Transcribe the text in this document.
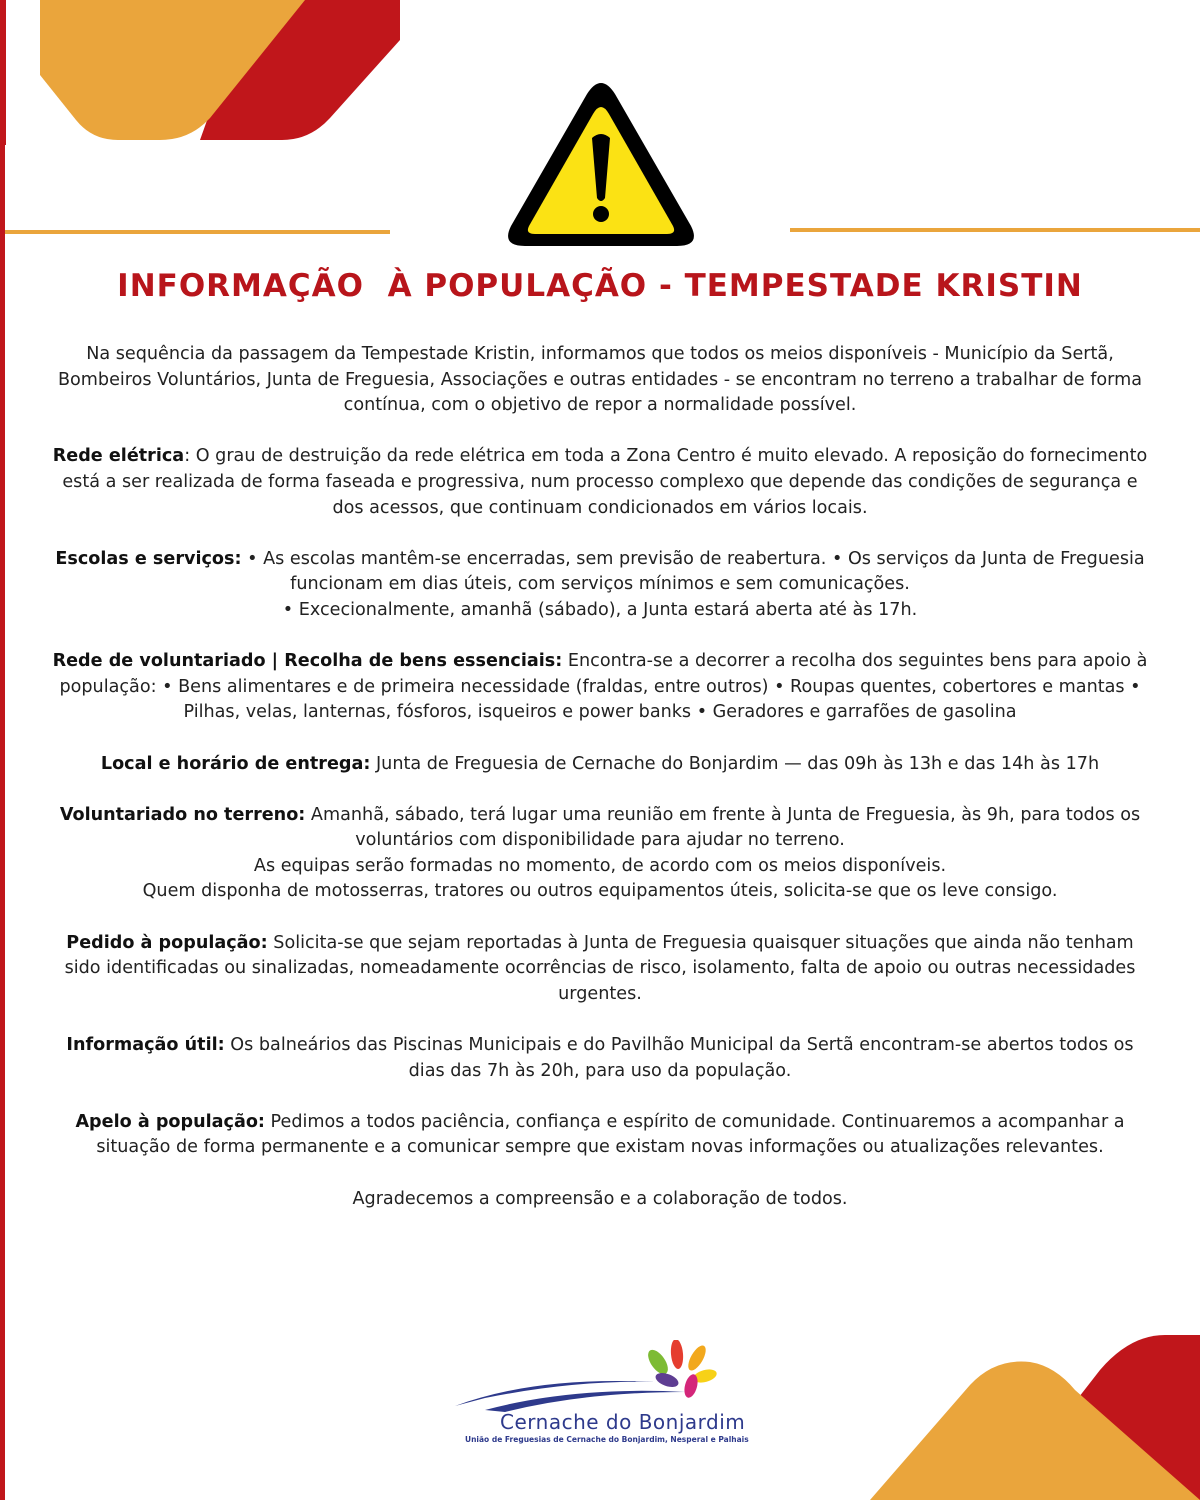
INFORMAÇÃO  À POPULAÇÃO - TEMPESTADE KRISTIN

Na sequência da passagem da Tempestade Kristin, informamos que todos os meios disponíveis - Município da Sertã, Bombeiros Voluntários, Junta de Freguesia, Associações e outras entidades - se encontram no terreno a trabalhar de forma contínua, com o objetivo de repor a normalidade possível.

Rede elétrica: O grau de destruição da rede elétrica em toda a Zona Centro é muito elevado. A reposição do fornecimento está a ser realizada de forma faseada e progressiva, num processo complexo que depende das condições de segurança e dos acessos, que continuam condicionados em vários locais.

Escolas e serviços: • As escolas mantêm-se encerradas, sem previsão de reabertura. • Os serviços da Junta de Freguesia funcionam em dias úteis, com serviços mínimos e sem comunicações.
• Excecionalmente, amanhã (sábado), a Junta estará aberta até às 17h.

Rede de voluntariado | Recolha de bens essenciais: Encontra-se a decorrer a recolha dos seguintes bens para apoio à população: • Bens alimentares e de primeira necessidade (fraldas, entre outros) • Roupas quentes, cobertores e mantas • Pilhas, velas, lanternas, fósforos, isqueiros e power banks • Geradores e garrafões de gasolina

Local e horário de entrega: Junta de Freguesia de Cernache do Bonjardim — das 09h às 13h e das 14h às 17h

Voluntariado no terreno: Amanhã, sábado, terá lugar uma reunião em frente à Junta de Freguesia, às 9h, para todos os voluntários com disponibilidade para ajudar no terreno.
As equipas serão formadas no momento, de acordo com os meios disponíveis.
Quem disponha de motosserras, tratores ou outros equipamentos úteis, solicita-se que os leve consigo.

Pedido à população: Solicita-se que sejam reportadas à Junta de Freguesia quaisquer situações que ainda não tenham sido identificadas ou sinalizadas, nomeadamente ocorrências de risco, isolamento, falta de apoio ou outras necessidades urgentes.

Informação útil: Os balneários das Piscinas Municipais e do Pavilhão Municipal da Sertã encontram-se abertos todos os dias das 7h às 20h, para uso da população.

Apelo à população: Pedimos a todos paciência, confiança e espírito de comunidade. Continuaremos a acompanhar a situação de forma permanente e a comunicar sempre que existam novas informações ou atualizações relevantes.

Agradecemos a compreensão e a colaboração de todos.

Cernache do Bonjardim
União de Freguesias de Cernache do Bonjardim, Nesperal e Palhais
